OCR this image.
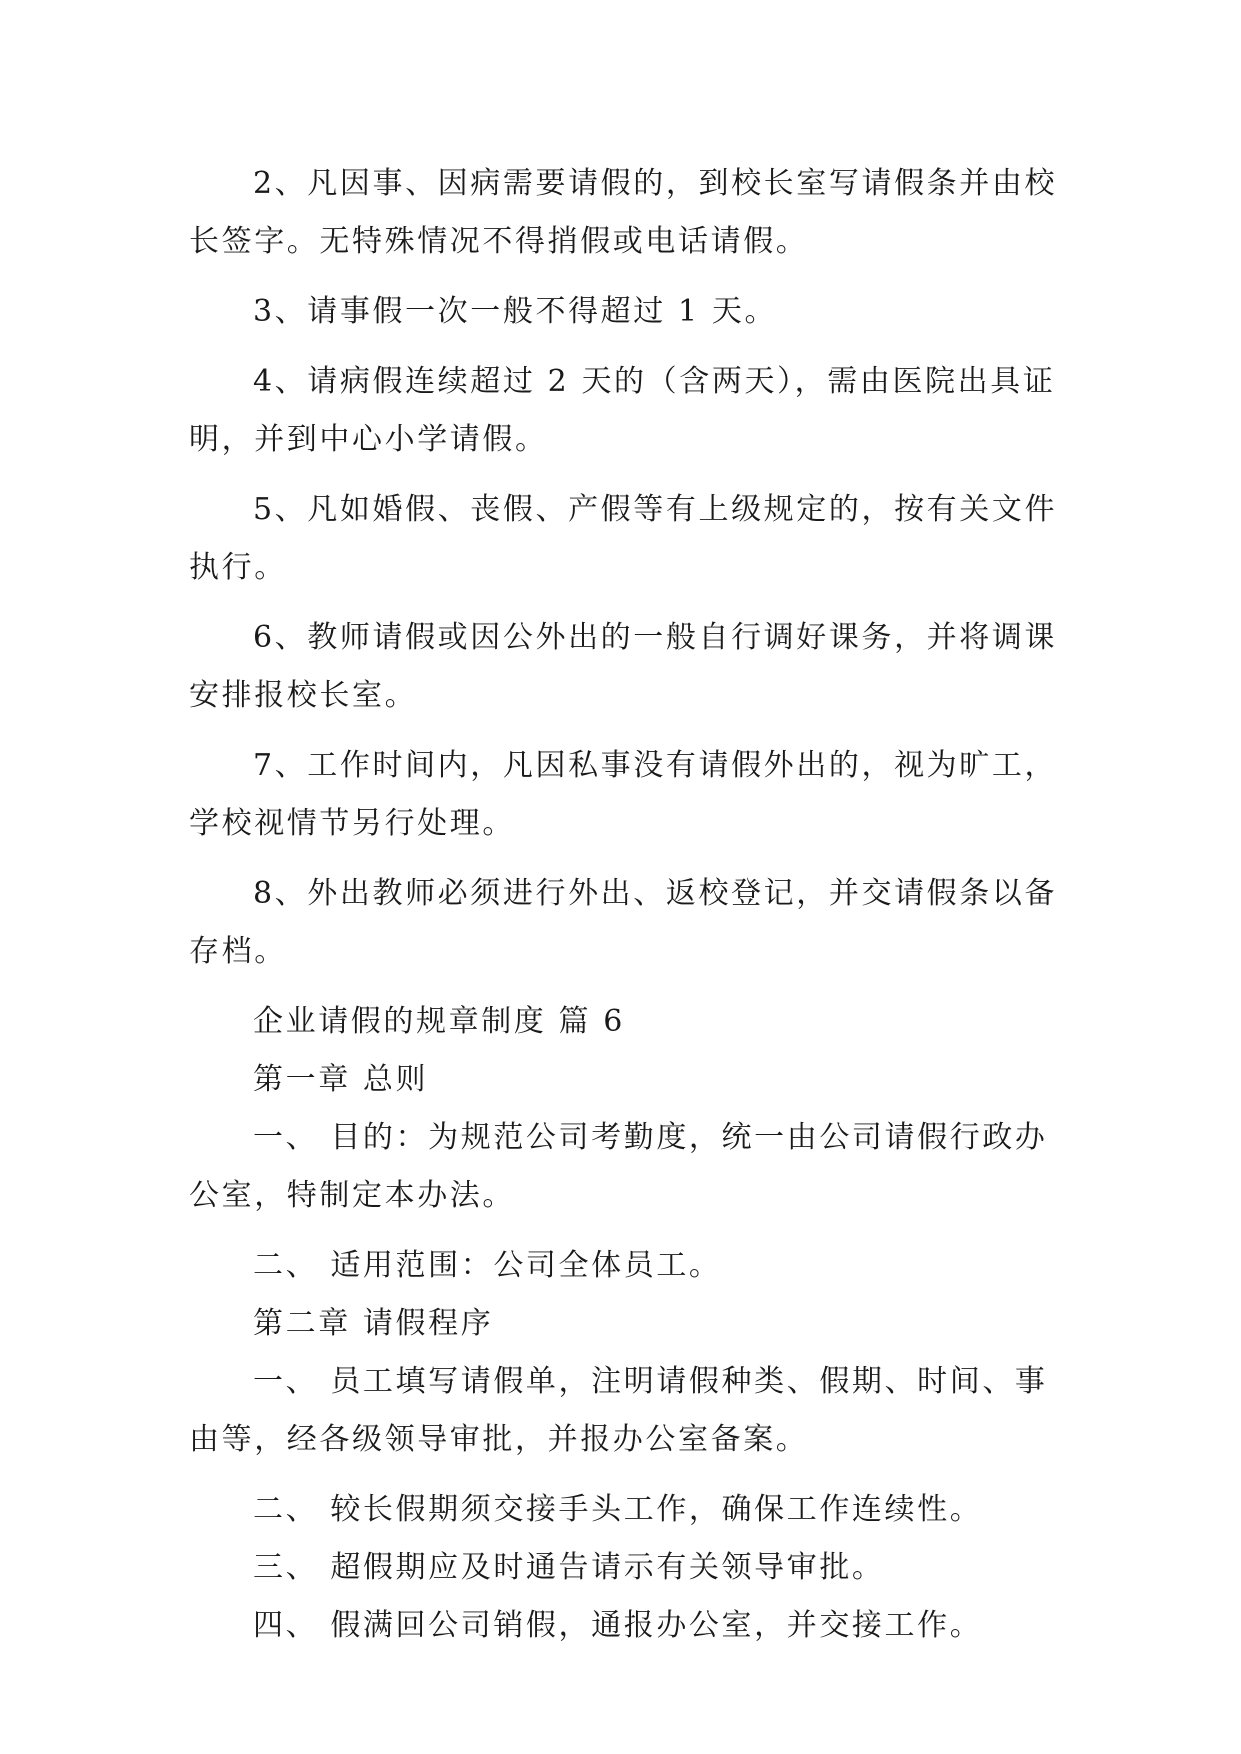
2、凡因事、因病需要请假的，到校长室写请假条并由校长签字。无特殊情况不得捎假或电话请假。

3、请事假一次一般不得超过 1 天。

4、请病假连续超过 2 天的（含两天），需由医院出具证明，并到中心小学请假。

5、凡如婚假、丧假、产假等有上级规定的，按有关文件执行。

6、教师请假或因公外出的一般自行调好课务，并将调课安排报校长室。

7、工作时间内，凡因私事没有请假外出的，视为旷工，学校视情节另行处理。

8、外出教师必须进行外出、返校登记，并交请假条以备存档。

企业请假的规章制度 篇 6

第一章 总则

一、 目的：为规范公司考勤度，统一由公司请假行政办公室，特制定本办法。

二、 适用范围：公司全体员工。

第二章 请假程序

一、 员工填写请假单，注明请假种类、假期、时间、事由等，经各级领导审批，并报办公室备案。

二、 较长假期须交接手头工作，确保工作连续性。

三、 超假期应及时通告请示有关领导审批。

四、 假满回公司销假，通报办公室，并交接工作。
